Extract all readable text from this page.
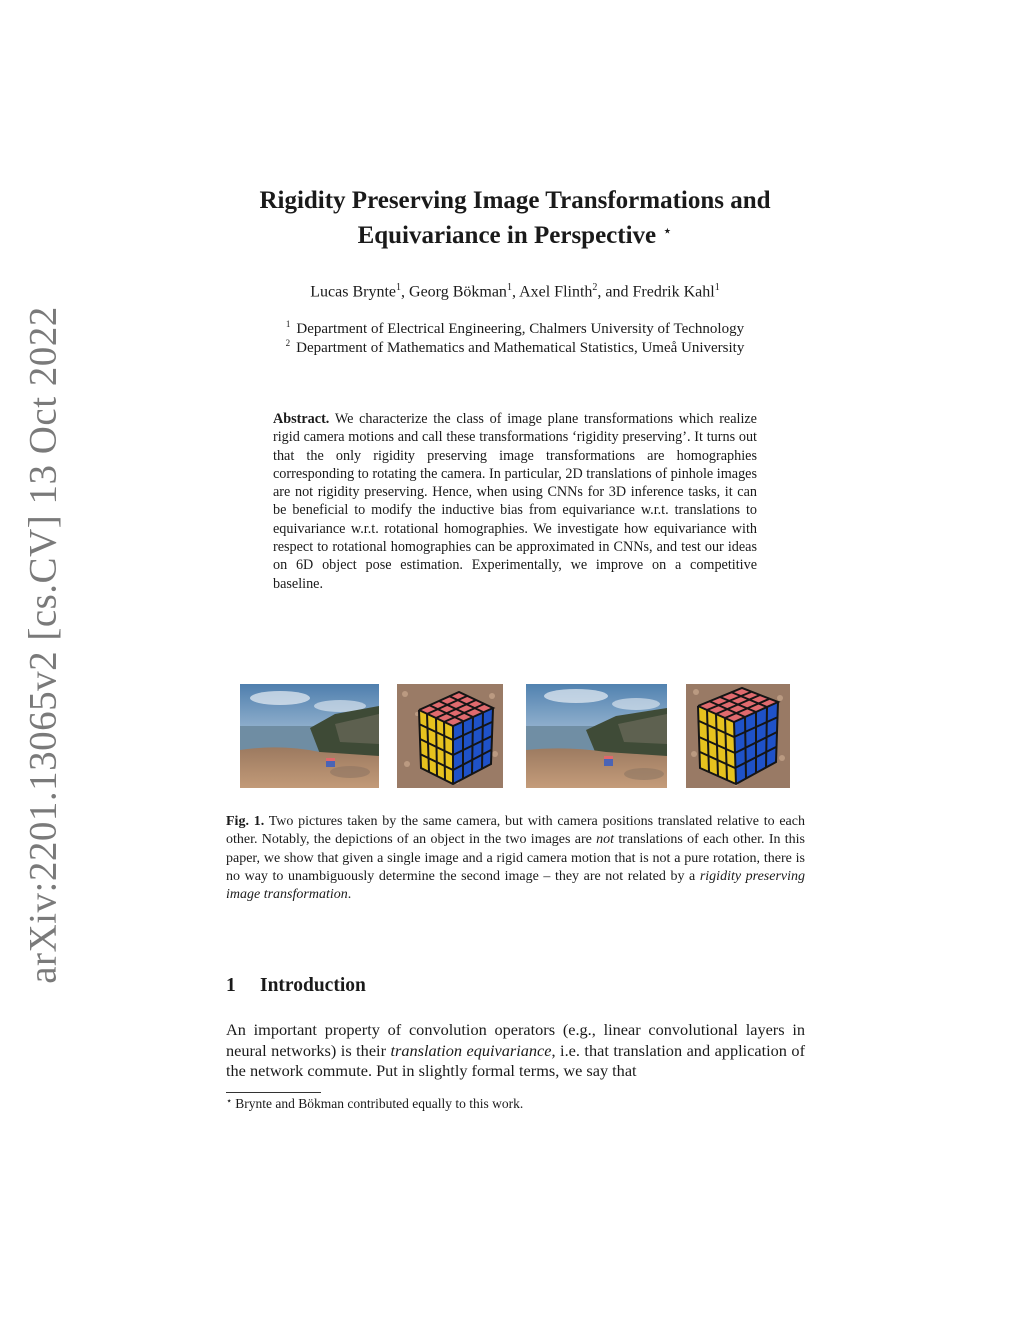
arXiv:2201.13065v2 [cs.CV] 13 Oct 2022
Rigidity Preserving Image Transformations and
Equivariance in Perspective ⋆
Lucas Brynte$^1$, Georg Bökman$^1$, Axel Flinth$^2$, and Fredrik Kahl$^1$
$^1$ Department of Electrical Engineering, Chalmers University of Technology
$^2$ Department of Mathematics and Mathematical Statistics, Umeå University
Abstract. We characterize the class of image plane transformations which realize rigid camera motions and call these transformations ‘rigidity preserving’. It turns out that the only rigidity preserving image transformations are homographies corresponding to rotating the camera. In particular, 2D translations of pinhole images are not rigidity preserving. Hence, when using CNNs for 3D inference tasks, it can be beneficial to modify the inductive bias from equivariance w.r.t. translations to equivariance w.r.t. rotational homographies. We investigate how equivariance with respect to rotational homographies can be approximated in CNNs, and test our ideas on 6D object pose estimation. Experimentally, we improve on a competitive baseline.
Fig. 1. Two pictures taken by the same camera, but with camera positions translated relative to each other. Notably, the depictions of an object in the two images are not translations of each other. In this paper, we show that given a single image and a rigid camera motion that is not a pure rotation, there is no way to unambiguously determine the second image – they are not related by a rigidity preserving image transformation.
1 Introduction
An important property of convolution operators (e.g., linear convolutional layers in neural networks) is their translation equivariance, i.e. that translation and application of the network commute. Put in slightly formal terms, we say that
⋆ Brynte and Bökman contributed equally to this work.
